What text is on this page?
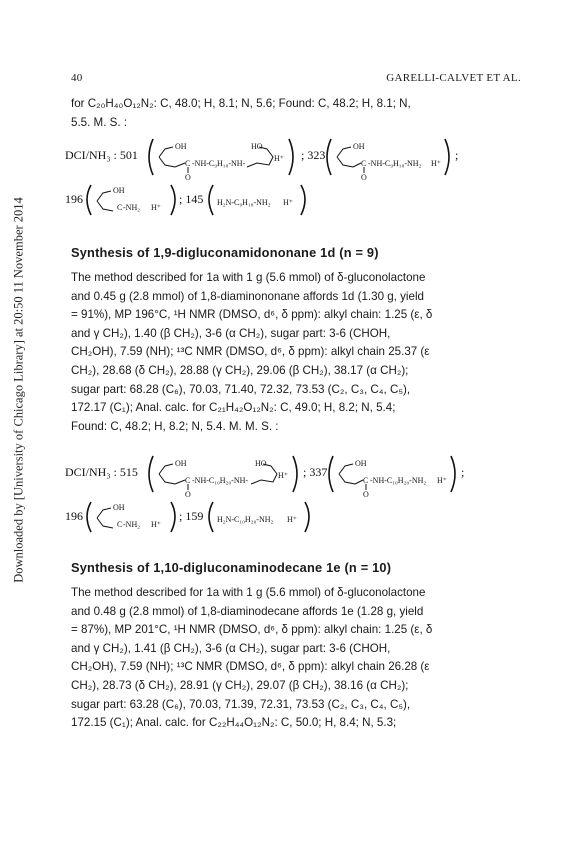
Downloaded by [University of Chicago Library] at 20:50 11 November 2014
40	GARELLI-CALVET ET AL.

for C₂₀H₄₀O₁₂N₂: C, 48.0; H, 8.1; N, 5.6; Found: C, 48.2; H, 8.1; N,

5.5. M. S. :

DCI/NH₃ : 501
OH
C
O
-NH-C₉H₁₈-NH-
HO
H⁺ ; 323
OH
C
O
-NH-C₉H₁₈-NH₂ H⁺
;
196
OH
C -NH₂ H⁺
; 145 H₂N-C₉H₁₈-NH₂ H⁺
Synthesis of 1,9-digluconamidononane 1d (n = 9)

The method described for 1a with 1 g (5.6 mmol) of δ-gluconolactone

and 0.45 g (2.8 mmol) of 1,8-diaminononane affords 1d (1.30 g, yield

= 91%), MP 196°C, ¹H NMR (DMSO, d⁶, δ ppm): alkyl chain: 1.25 (ε, δ

and γ CH₂), 1.40 (β CH₂), 3-6 (α CH₂), sugar part: 3-6 (CHOH,

CH₂OH), 7.59 (NH); ¹³C NMR (DMSO, d⁶, δ ppm): alkyl chain 25.37 (ε

CH₂), 28.68 (δ CH₂), 28.88 (γ CH₂), 29.06 (β CH₂), 38.17 (α CH₂);

sugar part: 68.28 (C₆), 70.03, 71.40, 72.32, 73.53 (C₂, C₃, C₄, C₅),

172.17 (C₁); Anal. calc. for C₂₁H₄₂O₁₂N₂: C, 49.0; H, 8.2; N, 5.4;

Found: C, 48.2; H, 8.2; N, 5.4. M. M. S. :

DCI/NH₃ : 515
OH
C
O
-NH-C₁₀H₂₀-NH-
HO
H⁺ ; 337
OH
C
O
-NH-C₁₀H₂₀-NH₂ H⁺
;
196
OH
C -NH₂ H⁺
; 159 H₂N-C₁₀H₂₀-NH₂ H⁺
Synthesis of 1,10-digluconaminodecane 1e (n = 10)

The method described for 1a with 1 g (5.6 mmol) of δ-gluconolactone

and 0.48 g (2.8 mmol) of 1,8-diaminodecane affords 1e (1.28 g, yield

= 87%), MP 201°C, ¹H NMR (DMSO, d⁶, δ ppm): alkyl chain: 1.25 (ε, δ

and γ CH₂), 1.41 (β CH₂), 3-6 (α CH₂), sugar part: 3-6 (CHOH,

CH₂OH), 7.59 (NH); ¹³C NMR (DMSO, d⁶, δ ppm): alkyl chain 26.28 (ε

CH₂), 28.73 (δ CH₂), 28.91 (γ CH₂), 29.07 (β CH₂), 38.16 (α CH₂);

sugar part: 63.28 (C₆), 70.03, 71.39, 72.31, 73.53 (C₂, C₃, C₄, C₅),

172.15 (C₁); Anal. calc. for C₂₂H₄₄O₁₂N₂: C, 50.0; H, 8.4; N, 5.3;
